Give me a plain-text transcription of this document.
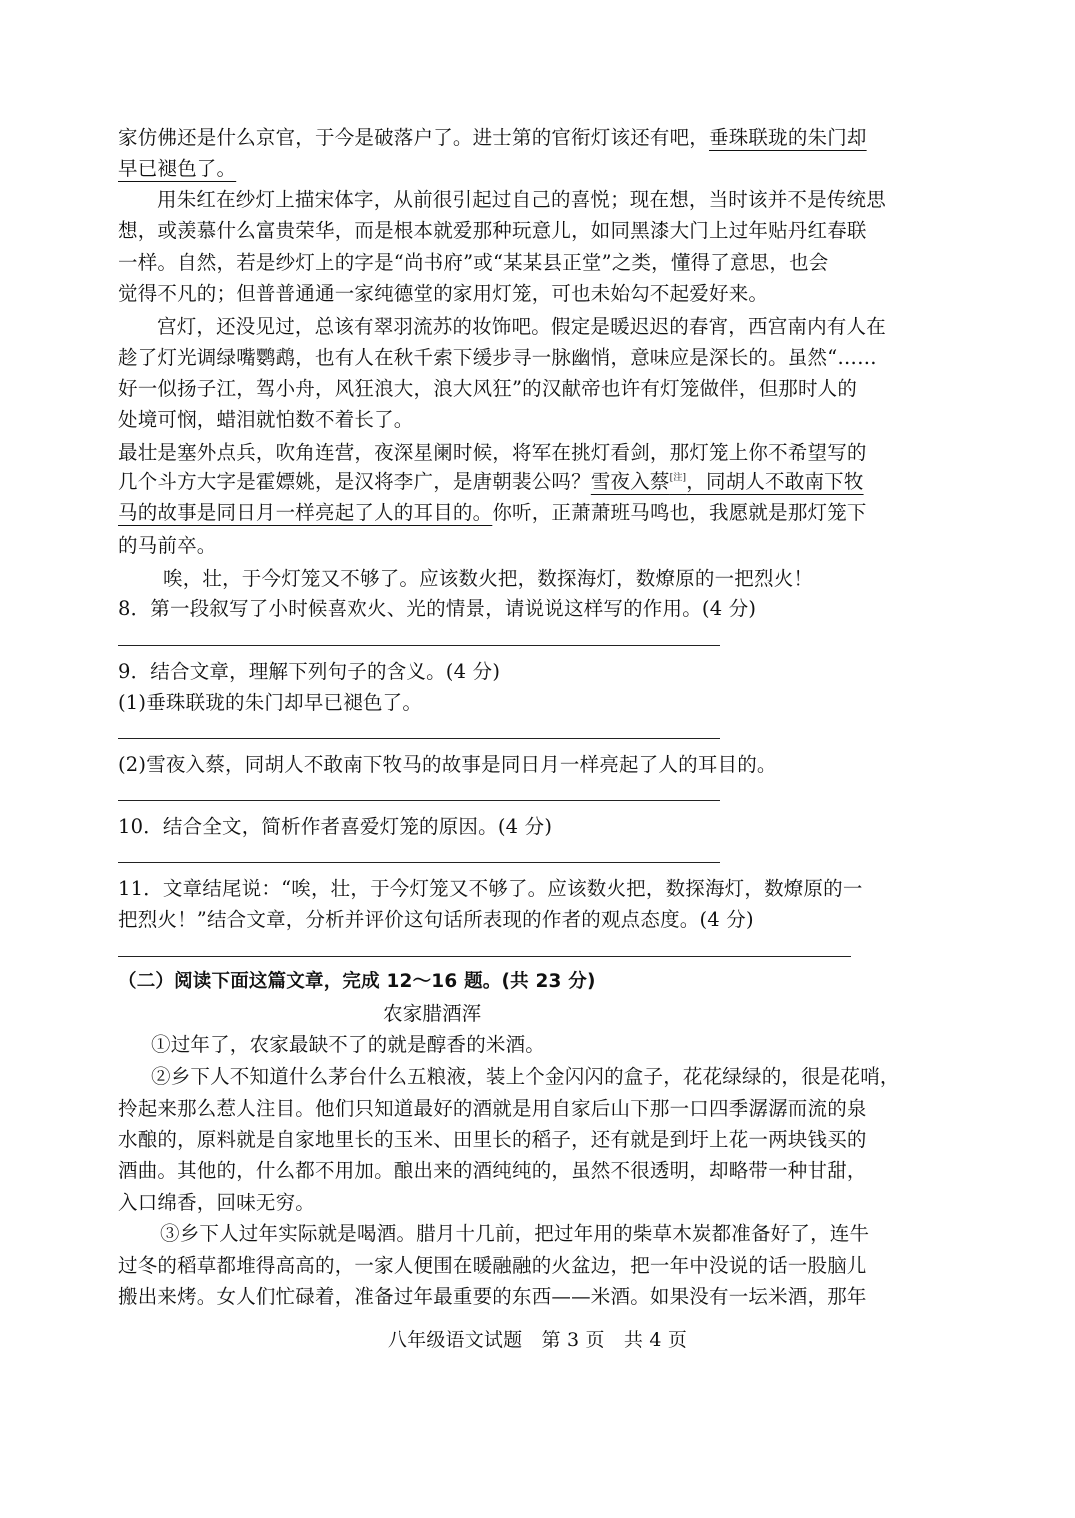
家仿佛还是什么京官，于今是破落户了。进士第的官衔灯该还有吧，垂珠联珑的朱门却
早已褪色了。
用朱红在纱灯上描宋体字，从前很引起过自己的喜悦；现在想，当时该并不是传统思
想，或羡慕什么富贵荣华，而是根本就爱那种玩意儿，如同黑漆大门上过年贴丹红春联
一样。自然，若是纱灯上的字是“尚书府”或“某某县正堂”之类，懂得了意思，也会
觉得不凡的；但普普通通一家纯德堂的家用灯笼，可也未始勾不起爱好来。
宫灯，还没见过，总该有翠羽流苏的妆饰吧。假定是暖迟迟的春宵，西宫南内有人在
趁了灯光调绿嘴鹦鹉，也有人在秋千索下缓步寻一脉幽悄，意味应是深长的。虽然“……
好一似扬子江，驾小舟，风狂浪大，浪大风狂”的汉献帝也许有灯笼做伴，但那时人的
处境可悯，蜡泪就怕数不着长了。
最壮是塞外点兵，吹角连营，夜深星阑时候，将军在挑灯看剑，那灯笼上你不希望写的
几个斗方大字是霍嫖姚，是汉将李广，是唐朝裴公吗？雪夜入蔡[注]，同胡人不敢南下牧
马的故事是同日月一样亮起了人的耳目的。你听，正萧萧班马鸣也，我愿就是那灯笼下
的马前卒。
唉，壮，于今灯笼又不够了。应该数火把，数探海灯，数燎原的一把烈火！
8．第一段叙写了小时候喜欢火、光的情景，请说说这样写的作用。(4 分)
9．结合文章，理解下列句子的含义。(4 分)
(1)垂珠联珑的朱门却早已褪色了。
(2)雪夜入蔡，同胡人不敢南下牧马的故事是同日月一样亮起了人的耳目的。
10．结合全文，简析作者喜爱灯笼的原因。(4 分)
11．文章结尾说：“唉，壮，于今灯笼又不够了。应该数火把，数探海灯，数燎原的一
把烈火！”结合文章，分析并评价这句话所表现的作者的观点态度。(4 分)
（二）阅读下面这篇文章，完成 12～16 题。(共 23 分)
农家腊酒浑
①过年了，农家最缺不了的就是醇香的米酒。
②乡下人不知道什么茅台什么五粮液，装上个金闪闪的盒子，花花绿绿的，很是花哨，
拎起来那么惹人注目。他们只知道最好的酒就是用自家后山下那一口四季潺潺而流的泉
水酿的，原料就是自家地里长的玉米、田里长的稻子，还有就是到圩上花一两块钱买的
酒曲。其他的，什么都不用加。酿出来的酒纯纯的，虽然不很透明，却略带一种甘甜，
入口绵香，回味无穷。
③乡下人过年实际就是喝酒。腊月十几前，把过年用的柴草木炭都准备好了，连牛
过冬的稻草都堆得高高的，一家人便围在暖融融的火盆边，把一年中没说的话一股脑儿
搬出来烤。女人们忙碌着，准备过年最重要的东西——米酒。如果没有一坛米酒，那年
八年级语文试题　第 3 页　共 4 页
